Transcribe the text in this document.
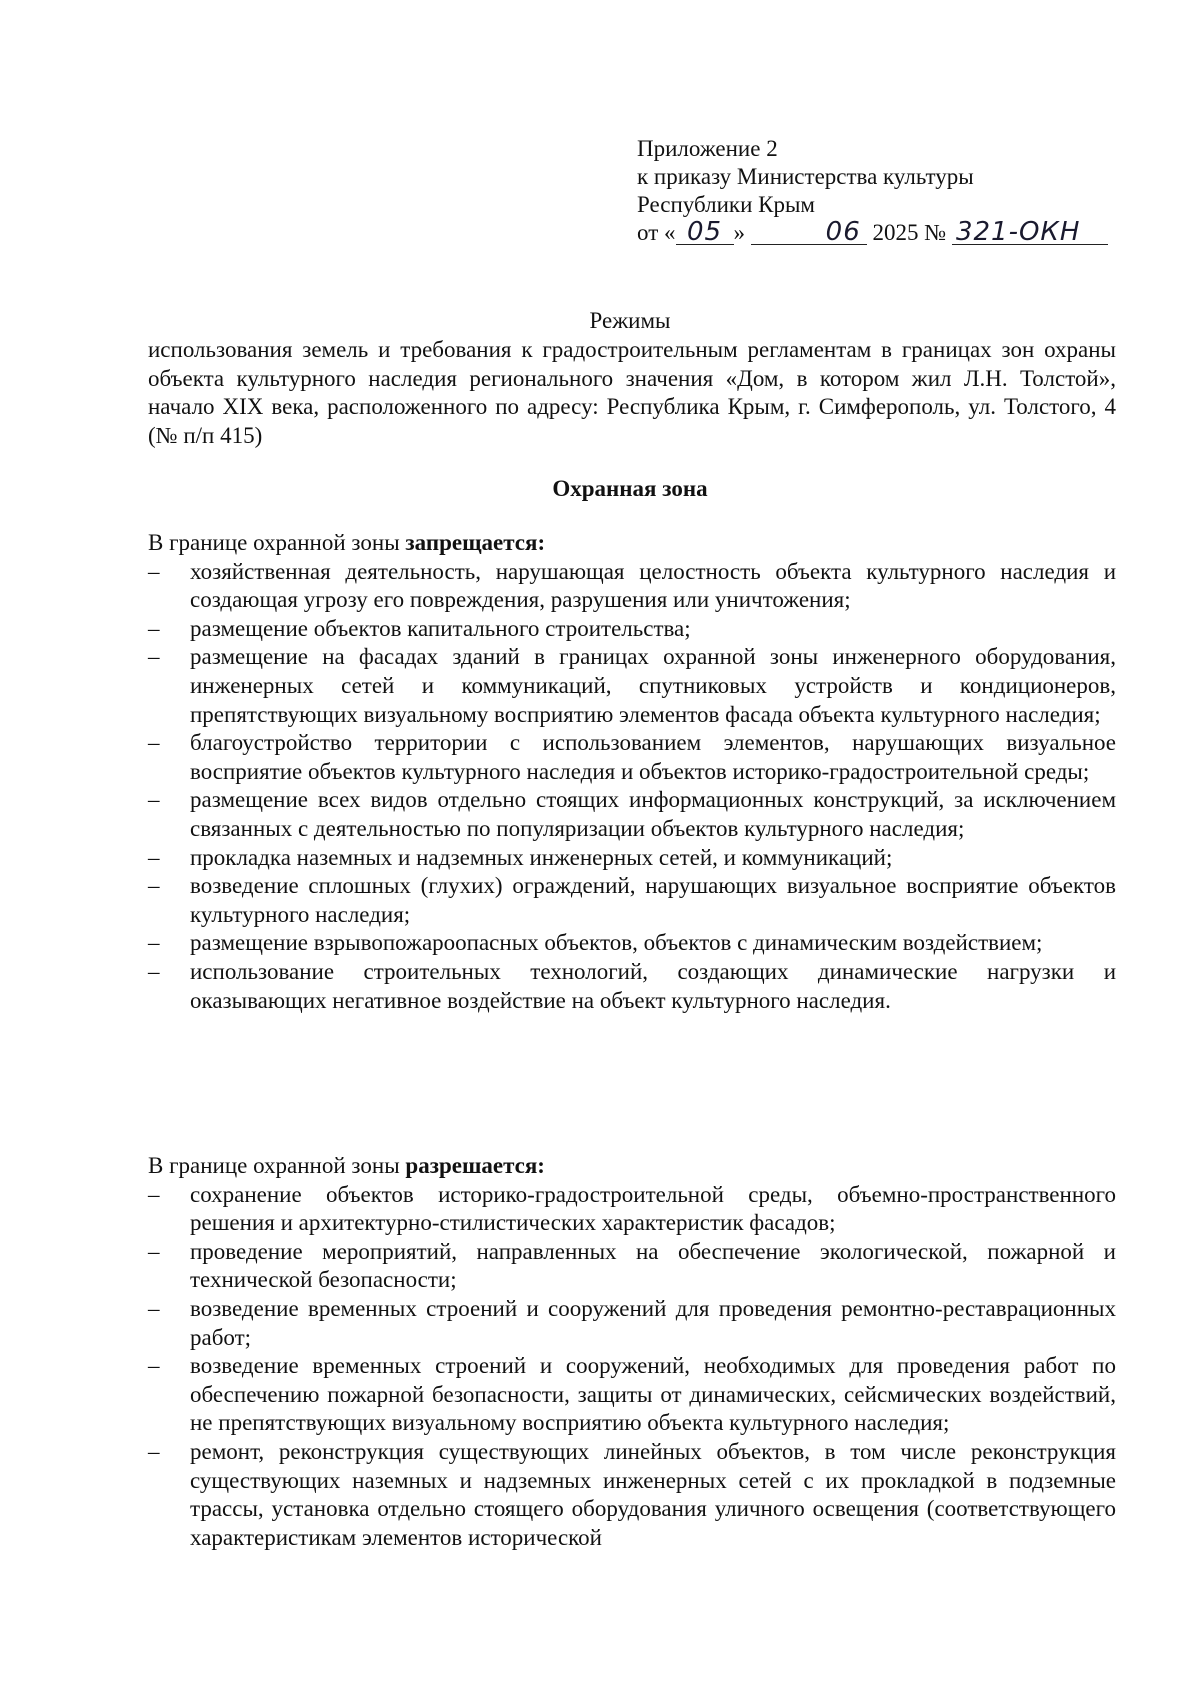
Приложение 2
к приказу Министерства культуры
Республики Крым
от « 05 »	06 2025 № 321-ОКН
Режимы
использования земель и требования к градостроительным регламентам в границах зон охраны объекта культурного наследия регионального значения «Дом, в котором жил Л.Н. Толстой», начало XIX века, расположенного по адресу: Республика Крым, г. Симферополь, ул. Толстого, 4 (№ п/п 415)
Охранная зона
В границе охранной зоны запрещается:
– хозяйственная деятельность, нарушающая целостность объекта культурного наследия и создающая угрозу его повреждения, разрушения или уничтожения;
– размещение объектов капитального строительства;
– размещение на фасадах зданий в границах охранной зоны инженерного оборудования, инженерных сетей и коммуникаций, спутниковых устройств и кондиционеров, препятствующих визуальному восприятию элементов фасада объекта культурного наследия;
– благоустройство территории с использованием элементов, нарушающих визуальное восприятие объектов культурного наследия и объектов историко-градостроительной среды;
– размещение всех видов отдельно стоящих информационных конструкций, за исключением связанных с деятельностью по популяризации объектов культурного наследия;
– прокладка наземных и надземных инженерных сетей, и коммуникаций;
– возведение сплошных (глухих) ограждений, нарушающих визуальное восприятие объектов культурного наследия;
– размещение взрывопожароопасных объектов, объектов с динамическим воздействием;
– использование строительных технологий, создающих динамические нагрузки и оказывающих негативное воздействие на объект культурного наследия.
В границе охранной зоны разрешается:
– сохранение объектов историко-градостроительной среды, объемно-пространственного решения и архитектурно-стилистических характеристик фасадов;
– проведение мероприятий, направленных на обеспечение экологической, пожарной и технической безопасности;
– возведение временных строений и сооружений для проведения ремонтно-реставрационных работ;
– возведение временных строений и сооружений, необходимых для проведения работ по обеспечению пожарной безопасности, защиты от динамических, сейсмических воздействий, не препятствующих визуальному восприятию объекта культурного наследия;
– ремонт, реконструкция существующих линейных объектов, в том числе реконструкция существующих наземных и надземных инженерных сетей с их прокладкой в подземные трассы, установка отдельно стоящего оборудования уличного освещения (соответствующего характеристикам элементов исторической
